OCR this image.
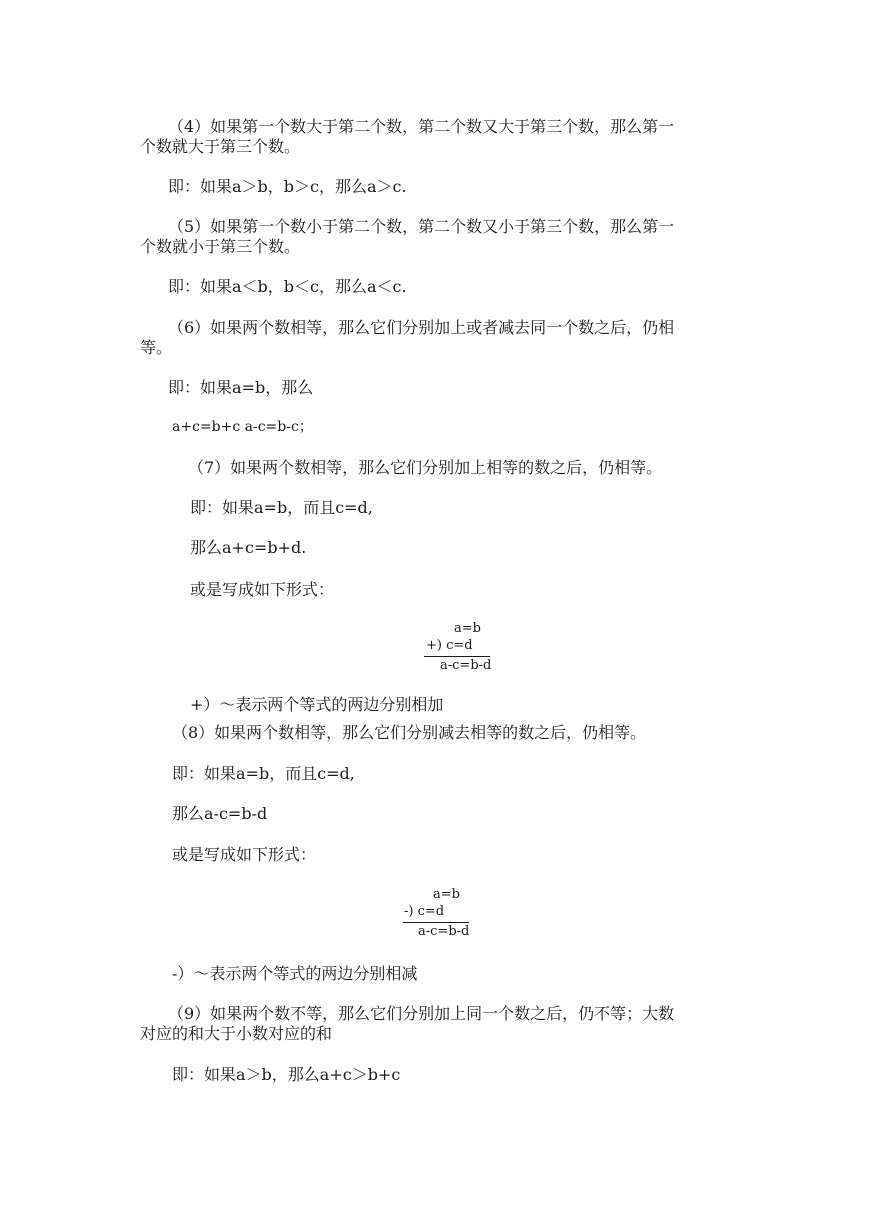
（4）如果第一个数大于第二个数，第二个数又大于第三个数，那么第一
个数就大于第三个数。
即：如果a＞b，b＞c，那么a＞c.
（5）如果第一个数小于第二个数，第二个数又小于第三个数，那么第一
个数就小于第三个数。
即：如果a＜b，b＜c，那么a＜c.
（6）如果两个数相等，那么它们分别加上或者减去同一个数之后，仍相
等。
即：如果a=b，那么
a+c=b+c a-c=b-c；
（7）如果两个数相等，那么它们分别加上相等的数之后，仍相等。
即：如果a=b，而且c=d,
那么a+c=b+d.
或是写成如下形式：
a=b
+) c=d
a-c=b-d
+）～表示两个等式的两边分别相加
（8）如果两个数相等，那么它们分别减去相等的数之后，仍相等。
即：如果a=b，而且c=d,
那么a-c=b-d
或是写成如下形式：
a=b
-) c=d
a-c=b-d
-）～表示两个等式的两边分别相减
（9）如果两个数不等，那么它们分别加上同一个数之后，仍不等；大数
对应的和大于小数对应的和
即：如果a＞b，那么a+c＞b+c
